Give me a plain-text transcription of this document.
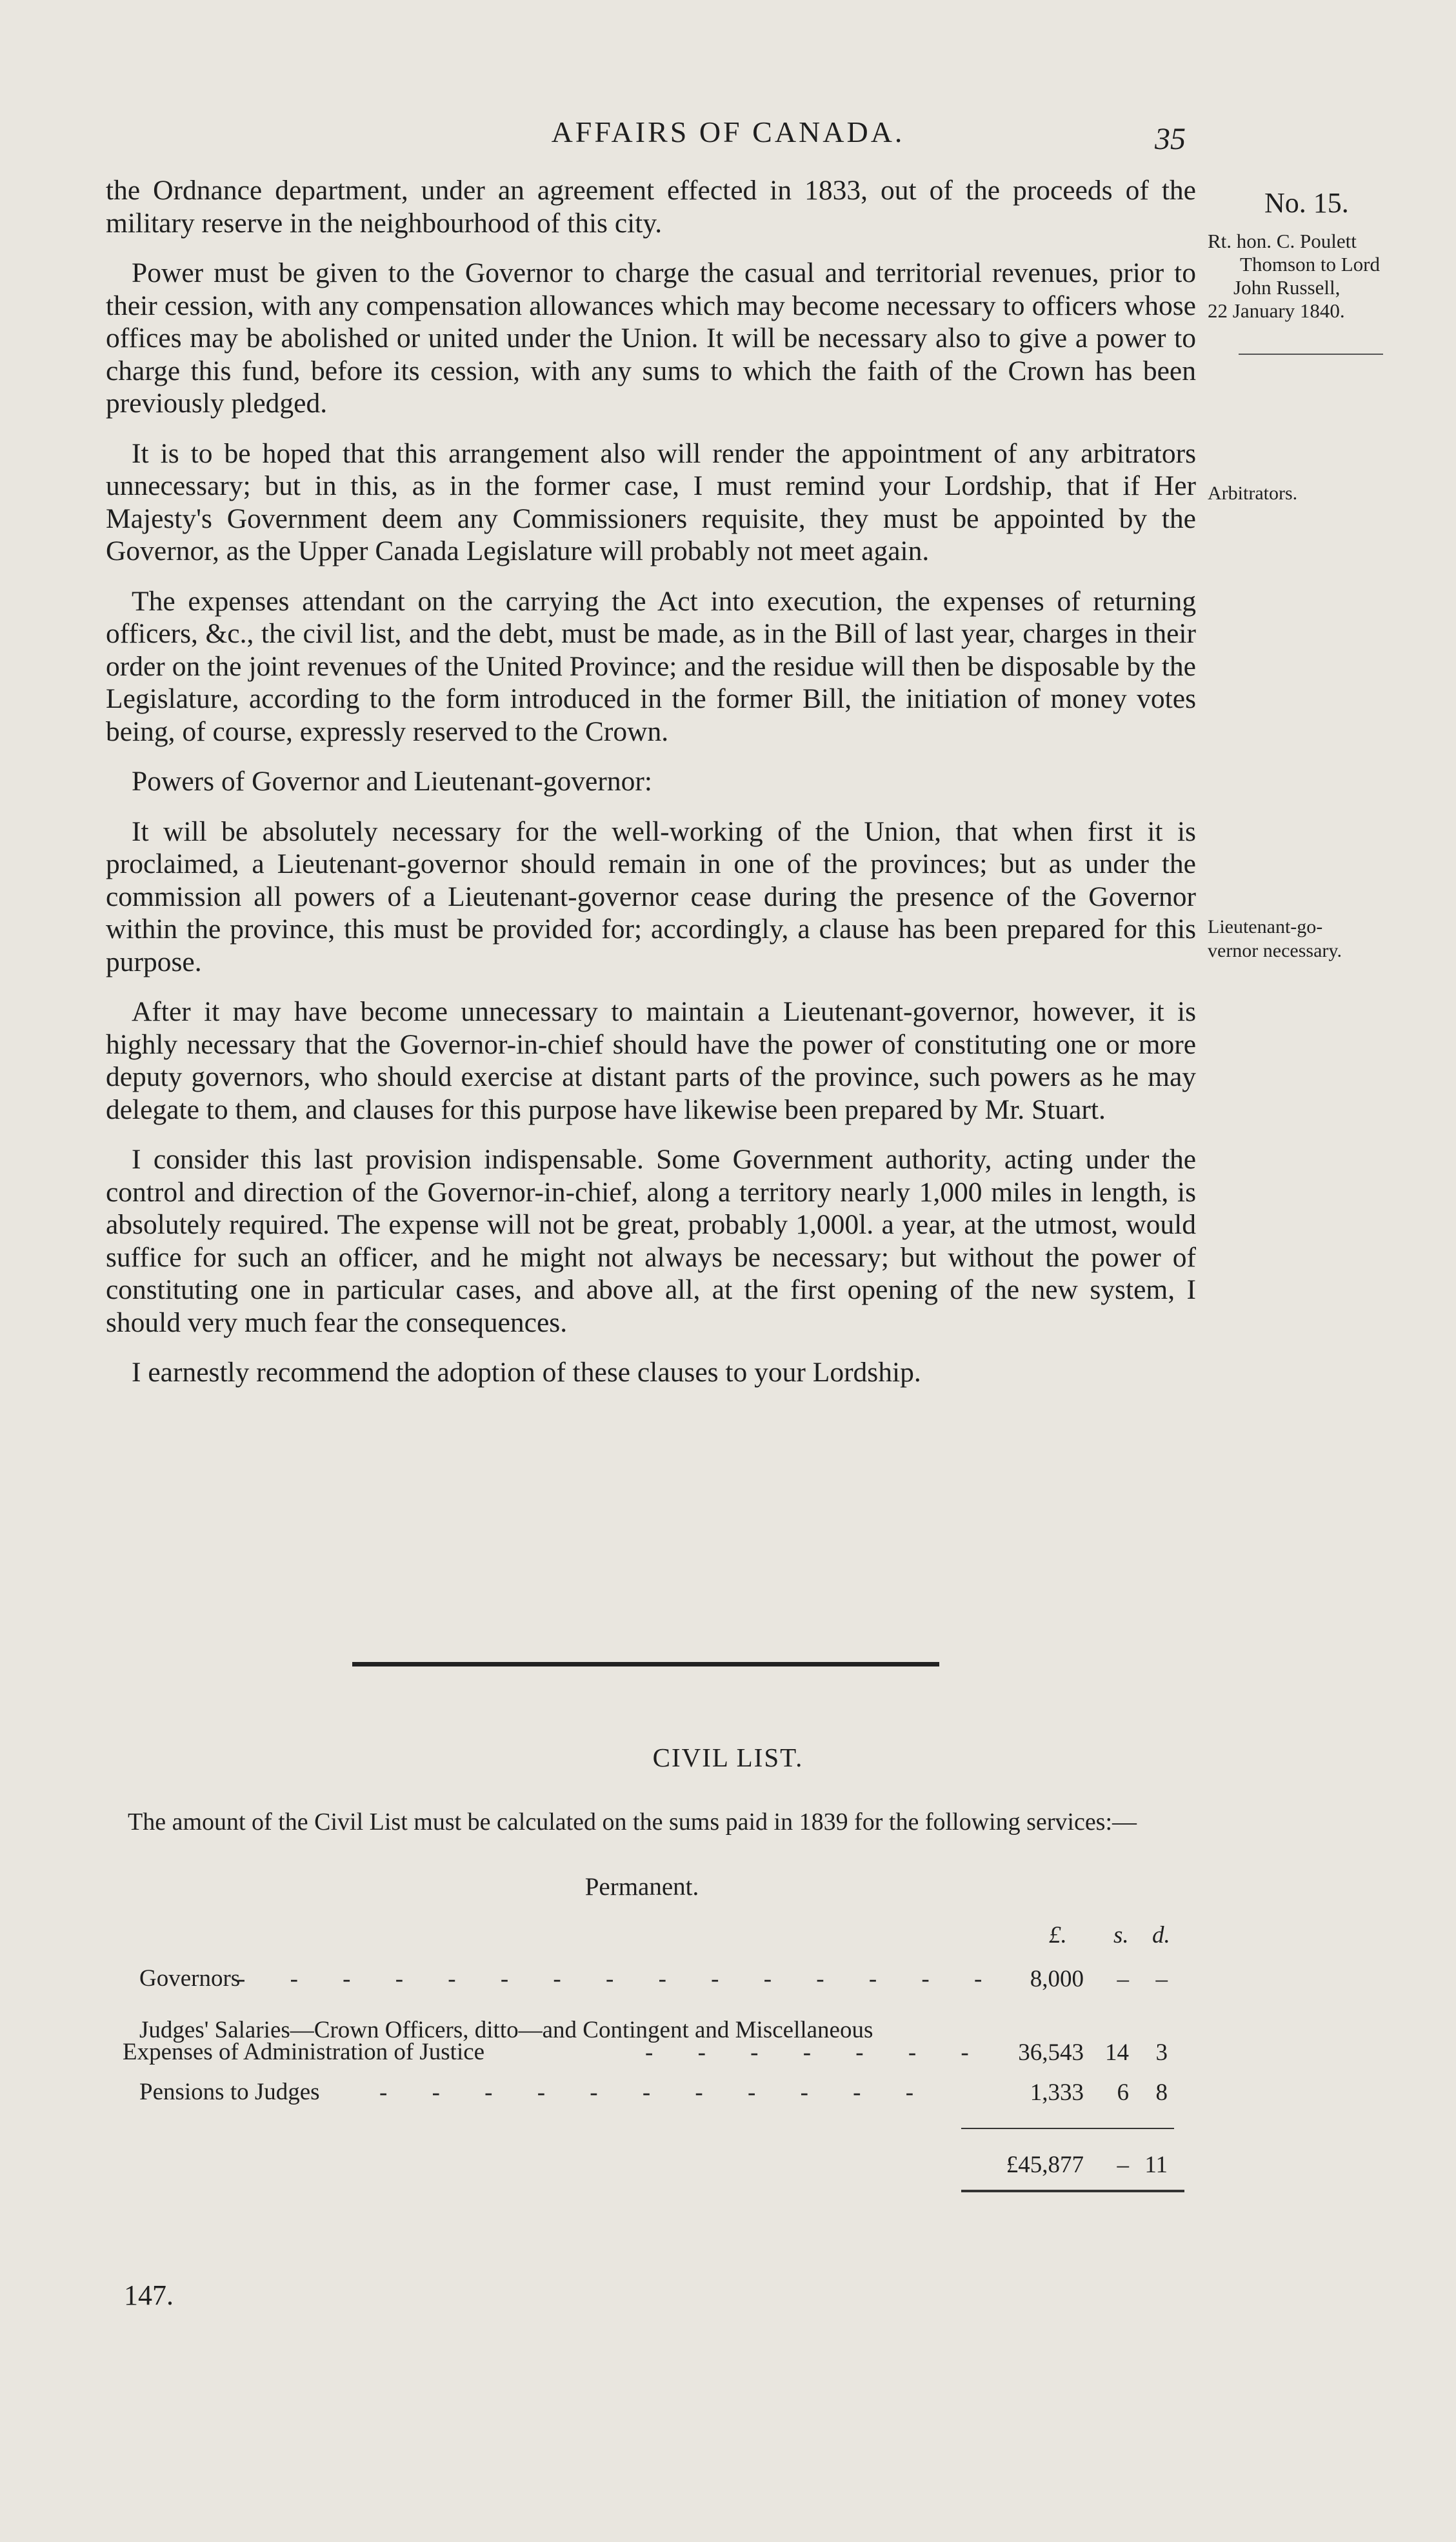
AFFAIRS OF CANADA.	35
No. 15.
Rt. hon. C. Poulett
Thomson to Lord
John Russell,
22 January 1840.
Arbitrators.
Lieutenant-go-
vernor necessary.

the Ordnance department, under an agreement effected in 1833, out of the proceeds of the military reserve in the neighbourhood of this city.

Power must be given to the Governor to charge the casual and territorial revenues, prior to their cession, with any compensation allowances which may become necessary to officers whose offices may be abolished or united under the Union. It will be necessary also to give a power to charge this fund, before its cession, with any sums to which the faith of the Crown has been previously pledged.

It is to be hoped that this arrangement also will render the appointment of any arbitrators unnecessary; but in this, as in the former case, I must remind your Lordship, that if Her Majesty's Government deem any Commissioners requisite, they must be appointed by the Governor, as the Upper Canada Legislature will probably not meet again.

The expenses attendant on the carrying the Act into execution, the expenses of returning officers, &c., the civil list, and the debt, must be made, as in the Bill of last year, charges in their order on the joint revenues of the United Province; and the residue will then be disposable by the Legislature, according to the form introduced in the former Bill, the initiation of money votes being, of course, expressly reserved to the Crown.

Powers of Governor and Lieutenant-governor:

It will be absolutely necessary for the well-working of the Union, that when first it is proclaimed, a Lieutenant-governor should remain in one of the provinces; but as under the commission all powers of a Lieutenant-governor cease during the presence of the Governor within the province, this must be provided for; accordingly, a clause has been prepared for this purpose.

After it may have become unnecessary to maintain a Lieutenant-governor, however, it is highly necessary that the Governor-in-chief should have the power of constituting one or more deputy governors, who should exercise at distant parts of the province, such powers as he may delegate to them, and clauses for this purpose have likewise been prepared by Mr. Stuart.

I consider this last provision indispensable. Some Government authority, acting under the control and direction of the Governor-in-chief, along a territory nearly 1,000 miles in length, is absolutely required. The expense will not be great, probably 1,000l. a year, at the utmost, would suffice for such an officer, and he might not always be necessary; but without the power of constituting one in particular cases, and above all, at the first opening of the new system, I should very much fear the consequences.

I earnestly recommend the adoption of these clauses to your Lordship.

CIVIL LIST.
The amount of the Civil List must be calculated on the sums paid in 1839 for the following services:—
Permanent.
£. s. d.
Governors
- - - - - - - - - - - - - - -	8,000	–	–
Judges' Salaries—Crown Officers, ditto—and Contingent and Miscellaneous
Expenses of Administration of Justice	- - - - - - -	36,543 14	3
Pensions to Judges - - - - - - - - - - -	1,333	6	8
£45,877	– 11
147.
